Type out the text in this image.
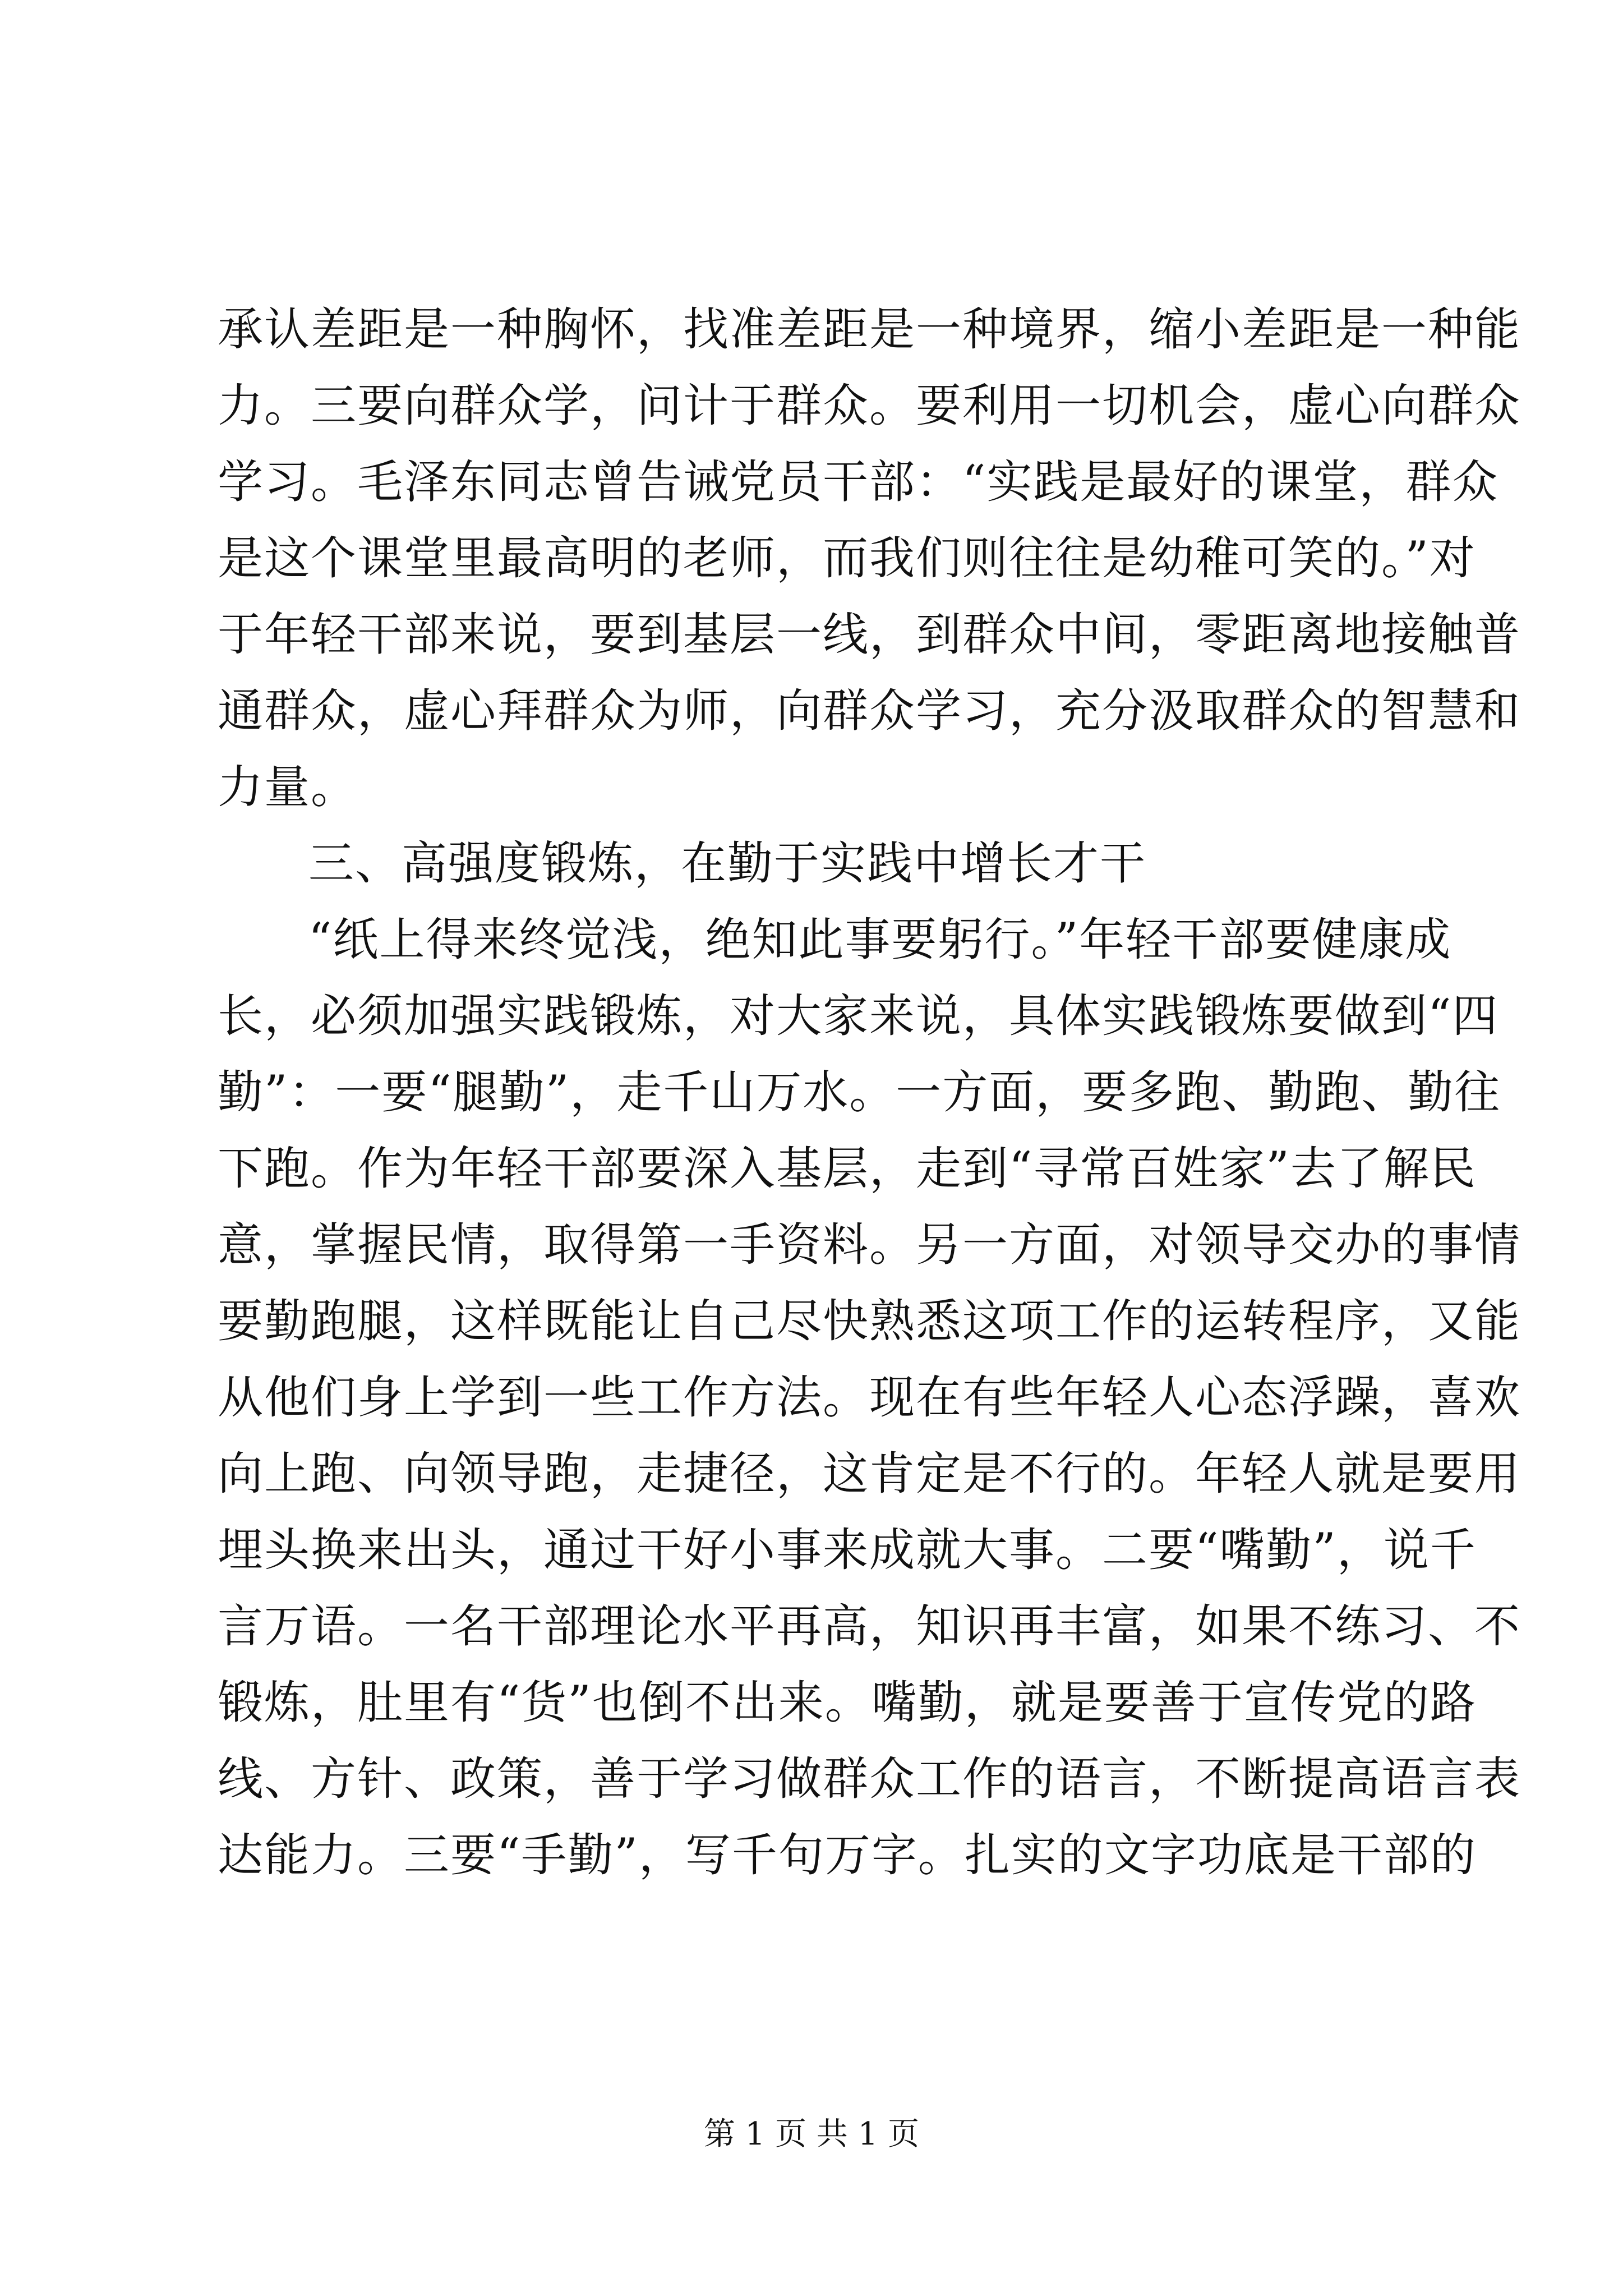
承认差距是一种胸怀，找准差距是一种境界，缩小差距是一种能
力。三要向群众学，问计于群众。要利用一切机会，虚心向群众
学习。毛泽东同志曾告诫党员干部：“实践是最好的课堂，群众
是这个课堂里最高明的老师，而我们则往往是幼稚可笑的。”对
于年轻干部来说，要到基层一线，到群众中间，零距离地接触普
通群众，虚心拜群众为师，向群众学习，充分汲取群众的智慧和
力量。
三、高强度锻炼，在勤于实践中增长才干
“纸上得来终觉浅，绝知此事要躬行。”年轻干部要健康成
长，必须加强实践锻炼，对大家来说，具体实践锻炼要做到“四
勤”：一要“腿勤”，走千山万水。一方面，要多跑、勤跑、勤往
下跑。作为年轻干部要深入基层，走到“寻常百姓家”去了解民
意，掌握民情，取得第一手资料。另一方面，对领导交办的事情
要勤跑腿，这样既能让自己尽快熟悉这项工作的运转程序，又能
从他们身上学到一些工作方法。现在有些年轻人心态浮躁，喜欢
向上跑、向领导跑，走捷径，这肯定是不行的。年轻人就是要用
埋头换来出头，通过干好小事来成就大事。二要“嘴勤”，说千
言万语。一名干部理论水平再高，知识再丰富，如果不练习、不
锻炼，肚里有“货”也倒不出来。嘴勤，就是要善于宣传党的路
线、方针、政策，善于学习做群众工作的语言，不断提高语言表
达能力。三要“手勤”，写千句万字。扎实的文字功底是干部的
第 1 页 共 1 页
